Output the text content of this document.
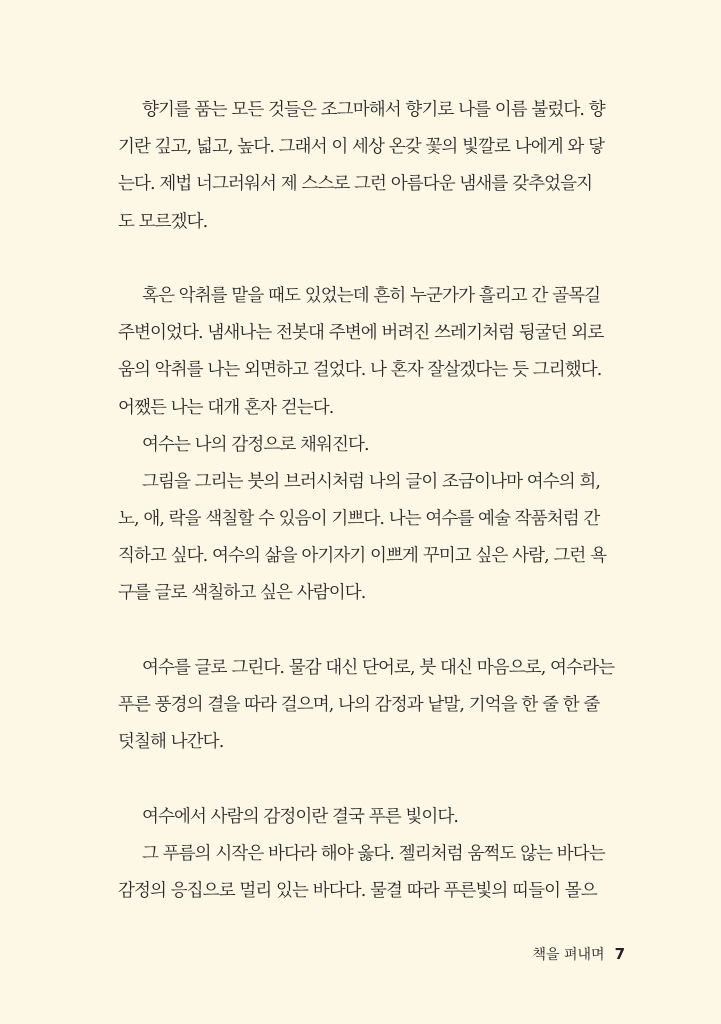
향기를 품는 모든 것들은 조그마해서 향기로 나를 이름 불렀다. 향
기란 깊고, 넓고, 높다. 그래서 이 세상 온갖 꽃의 빛깔로 나에게 와 닿
는다. 제법 너그러워서 제 스스로 그런 아름다운 냄새를 갖추었을지
도 모르겠다.
혹은 악취를 맡을 때도 있었는데 흔히 누군가가 흘리고 간 골목길
주변이었다. 냄새나는 전봇대 주변에 버려진 쓰레기처럼 뒹굴던 외로
움의 악취를 나는 외면하고 걸었다. 나 혼자 잘살겠다는 듯 그리했다.
어쨌든 나는 대개 혼자 걷는다.
여수는 나의 감정으로 채워진다.
그림을 그리는 붓의 브러시처럼 나의 글이 조금이나마 여수의 희,
노, 애, 락을 색칠할 수 있음이 기쁘다. 나는 여수를 예술 작품처럼 간
직하고 싶다. 여수의 삶을 아기자기 이쁘게 꾸미고 싶은 사람, 그런 욕
구를 글로 색칠하고 싶은 사람이다.
여수를 글로 그린다. 물감 대신 단어로, 붓 대신 마음으로, 여수라는
푸른 풍경의 결을 따라 걸으며, 나의 감정과 낱말, 기억을 한 줄 한 줄
덧칠해 나간다.
여수에서 사람의 감정이란 결국 푸른 빛이다.
그 푸름의 시작은 바다라 해야 옳다. 젤리처럼 움쩍도 않는 바다는
감정의 응집으로 멀리 있는 바다다. 물결 따라 푸른빛의 띠들이 몰으
책을 펴내며 7
